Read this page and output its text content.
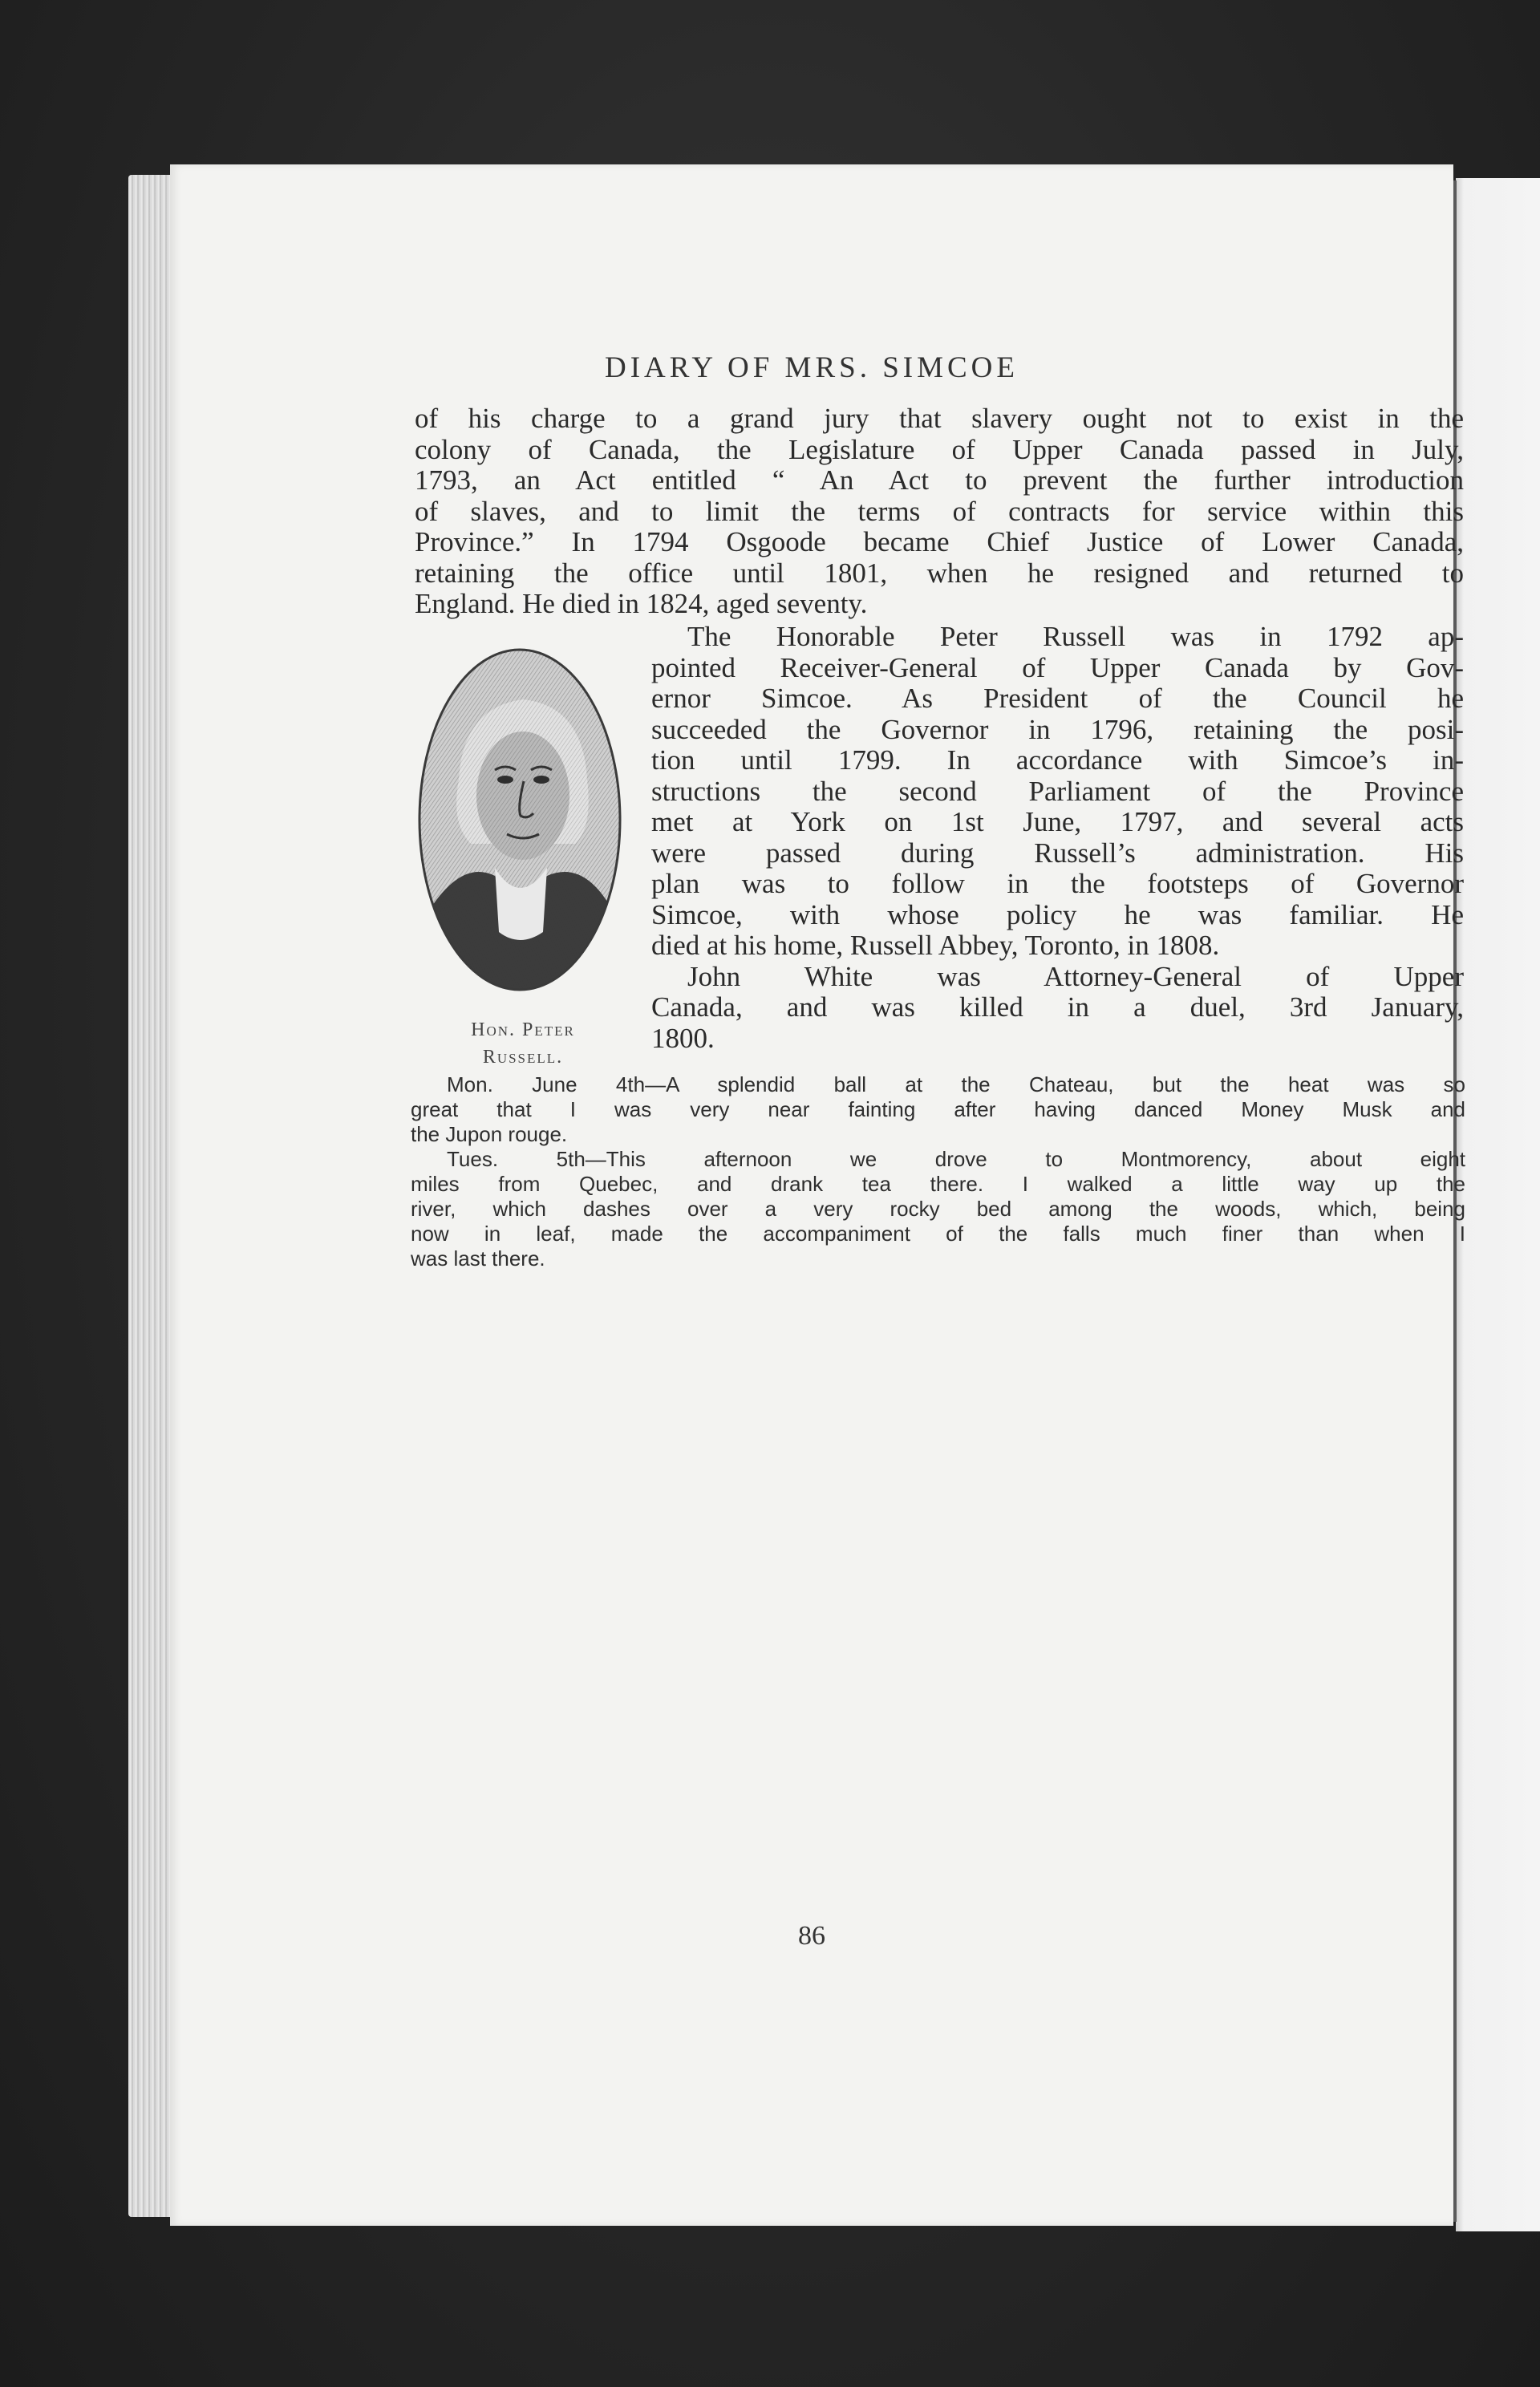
DIARY OF MRS. SIMCOE
of his charge to a grand jury that slavery ought not to exist in the
colony of Canada, the Legislature of Upper Canada passed in July,
1793, an Act entitled “ An Act to prevent the further introduction
of slaves, and to limit the terms of contracts for service within this
Province.” In 1794 Osgoode became Chief Justice of Lower Canada,
retaining the office until 1801, when he resigned and returned to
England. He died in 1824, aged seventy.
Hon. Peter
Russell.
The Honorable Peter Russell was in 1792 ap-
pointed Receiver-General of Upper Canada by Gov-
ernor Simcoe. As President of the Council he
succeeded the Governor in 1796, retaining the posi-
tion until 1799. In accordance with Simcoe’s in-
structions the second Parliament of the Province
met at York on 1st June, 1797, and several acts
were passed during Russell’s administration. His
plan was to follow in the footsteps of Governor
Simcoe, with whose policy he was familiar. He
died at his home, Russell Abbey, Toronto, in 1808.
John White was Attorney-General of Upper
Canada, and was killed in a duel, 3rd January,
1800.
Mon. June 4th—A splendid ball at the Chateau, but the heat was so
great that I was very near fainting after having danced Money Musk and
the Jupon rouge.
Tues. 5th—This afternoon we drove to Montmorency, about eight
miles from Quebec, and drank tea there. I walked a little way up the
river, which dashes over a very rocky bed among the woods, which, being
now in leaf, made the accompaniment of the falls much finer than when I
was last there.
86
